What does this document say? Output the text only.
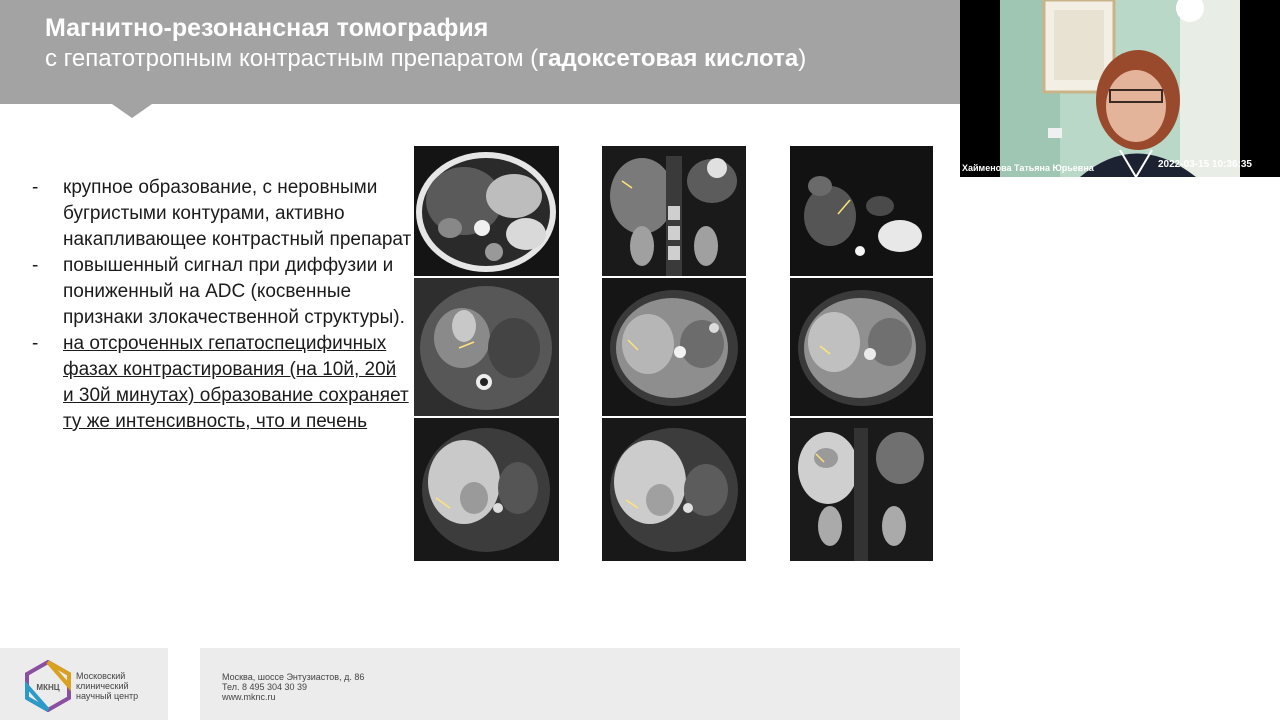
Магнитно-резонансная томография
с гепатотропным контрастным препаратом (гадоксетовая кислота)
- крупное образование, с неровными бугристыми контурами, активно накапливающее контрастный препарат
- повышенный сигнал при диффузии и пониженный на ADC (косвенные признаки злокачественной структуры).
- на отсроченных гепатоспецифичных фазах контрастирования (на 10й, 20й и 30й минутах) образование сохраняет ту же интенсивность, что и печень
МКНЦ
Московский
клинический
научный центр
Москва, шоссе Энтузиастов, д. 86
Тел. 8 495 304 30 39
www.mknc.ru
Хайменова Татьяна Юрьевна	2022-03-15 10:36:35
